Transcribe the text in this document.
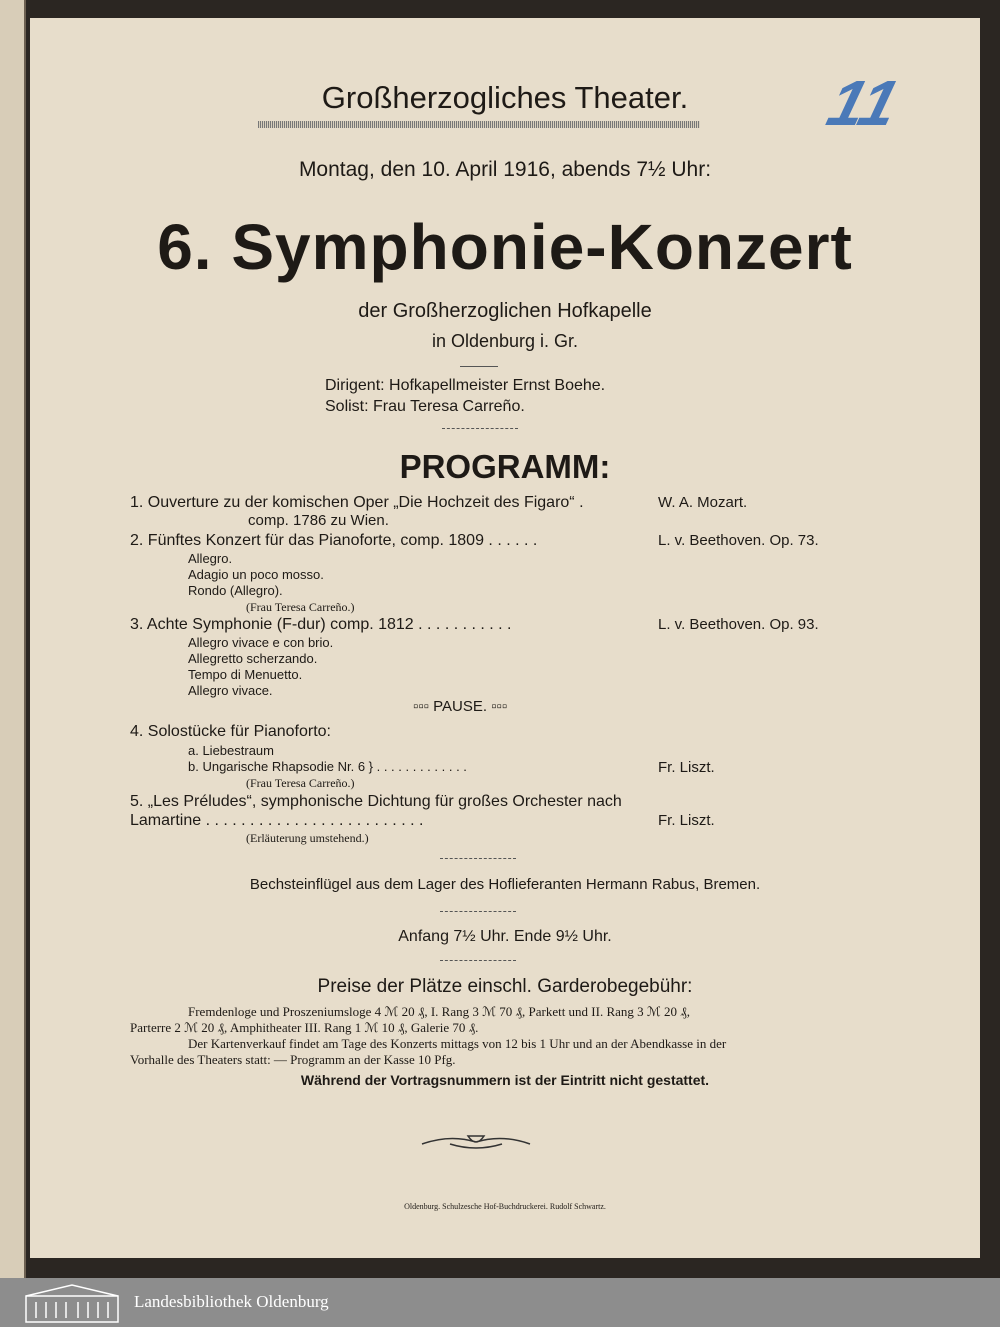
11
Großherzogliches Theater.
Montag, den 10. April 1916, abends 7½ Uhr:
6. Symphonie-Konzert
der Großherzoglichen Hofkapelle
in Oldenburg i. Gr.
Dirigent: Hofkapellmeister Ernst Boehe.
Solist: Frau Teresa Carreño.
PROGRAMM:
1. Ouverture zu der komischen Oper „Die Hochzeit des Figaro“ .	W. A. Mozart.
comp. 1786 zu Wien.
2. Fünftes Konzert für das Pianoforte, comp. 1809 . . . . . .	L. v. Beethoven. Op. 73.
Allegro.
Adagio un poco mosso.
Rondo (Allegro).
(Frau Teresa Carreño.)
3. Achte Symphonie (F-dur) comp. 1812 . . . . . . . . . . .	L. v. Beethoven. Op. 93.
Allegro vivace e con brio.
Allegretto scherzando.
Tempo di Menuetto.
Allegro vivace.
▫▫▫ PAUSE. ▫▫▫
4. Solostücke für Pianoforto:
a. Liebestraum
b. Ungarische Rhapsodie Nr. 6 } . . . . . . . . . . . . .	Fr. Liszt.
(Frau Teresa Carreño.)
5. „Les Préludes“, symphonische Dichtung für großes Orchester nach
Lamartine . . . . . . . . . . . . . . . . . . . . . . . . .	Fr. Liszt.
(Erläuterung umstehend.)
Bechsteinflügel aus dem Lager des Hoflieferanten Hermann Rabus, Bremen.
Anfang 7½ Uhr. Ende 9½ Uhr.
Preise der Plätze einschl. Garderobegebühr:
Fremdenloge und Proszeniumsloge 4 ℳ 20 ₰, I. Rang 3 ℳ 70 ₰, Parkett und II. Rang 3 ℳ 20 ₰,
Parterre 2 ℳ 20 ₰, Amphitheater III. Rang 1 ℳ 10 ₰, Galerie 70 ₰.
Der Kartenverkauf findet am Tage des Konzerts mittags von 12 bis 1 Uhr und an der Abendkasse in der
Vorhalle des Theaters statt: — Programm an der Kasse 10 Pfg.
Während der Vortragsnummern ist der Eintritt nicht gestattet.
Oldenburg. Schulzesche Hof-Buchdruckerei. Rudolf Schwartz.
Landesbibliothek Oldenburg
